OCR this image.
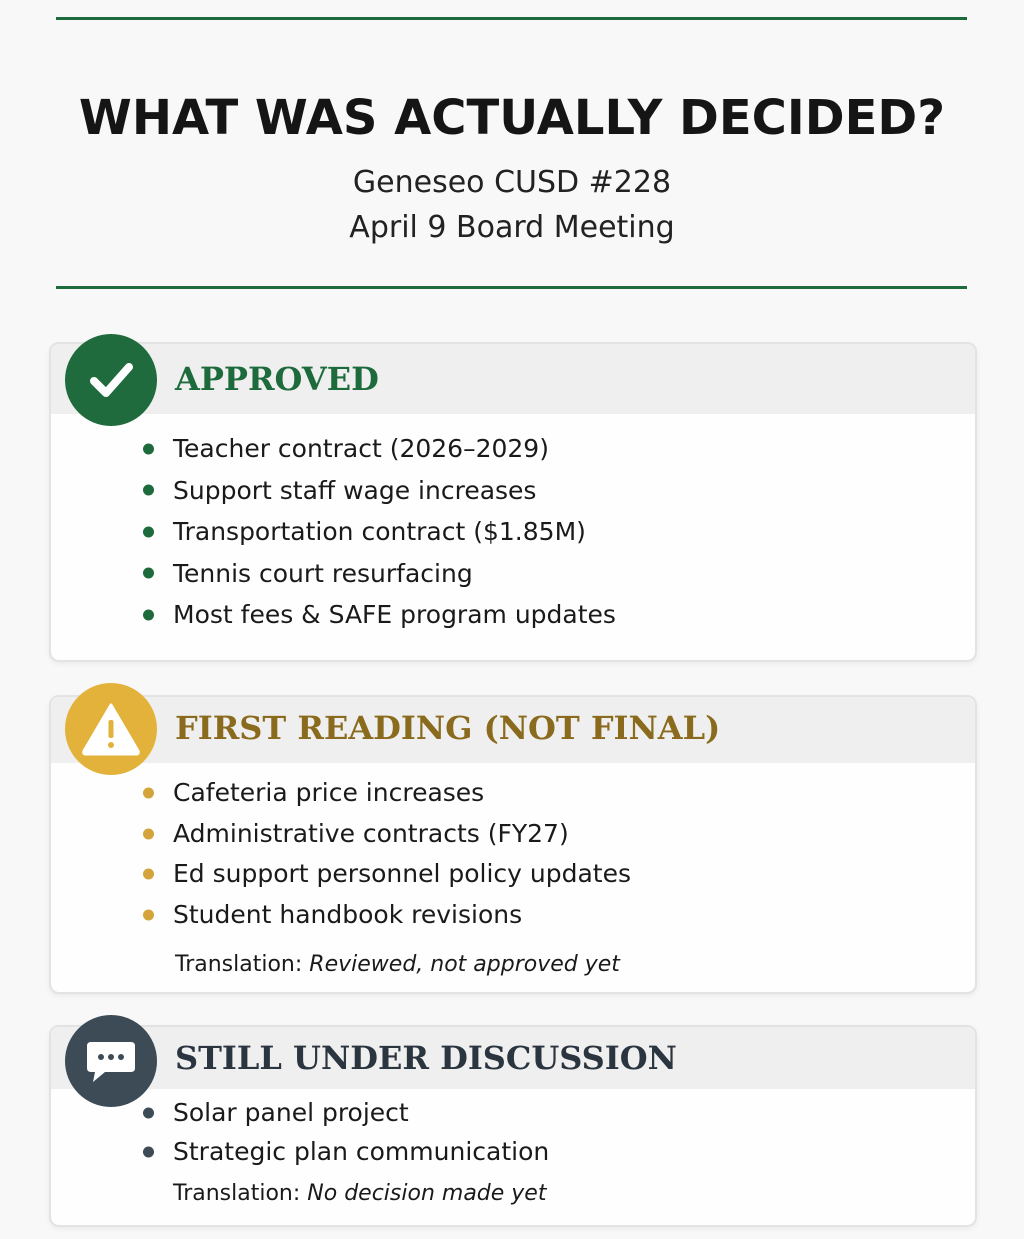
WHAT WAS ACTUALLY DECIDED?
Geneseo CUSD #228
April 9 Board Meeting
APPROVED
Teacher contract (2026–2029)
Support staff wage increases
Transportation contract ($1.85M)
Tennis court resurfacing
Most fees & SAFE program updates
FIRST READING (NOT FINAL)
Cafeteria price increases
Administrative contracts (FY27)
Ed support personnel policy updates
Student handbook revisions
Translation: Reviewed, not approved yet
STILL UNDER DISCUSSION
Solar panel project
Strategic plan communication
Translation: No decision made yet
